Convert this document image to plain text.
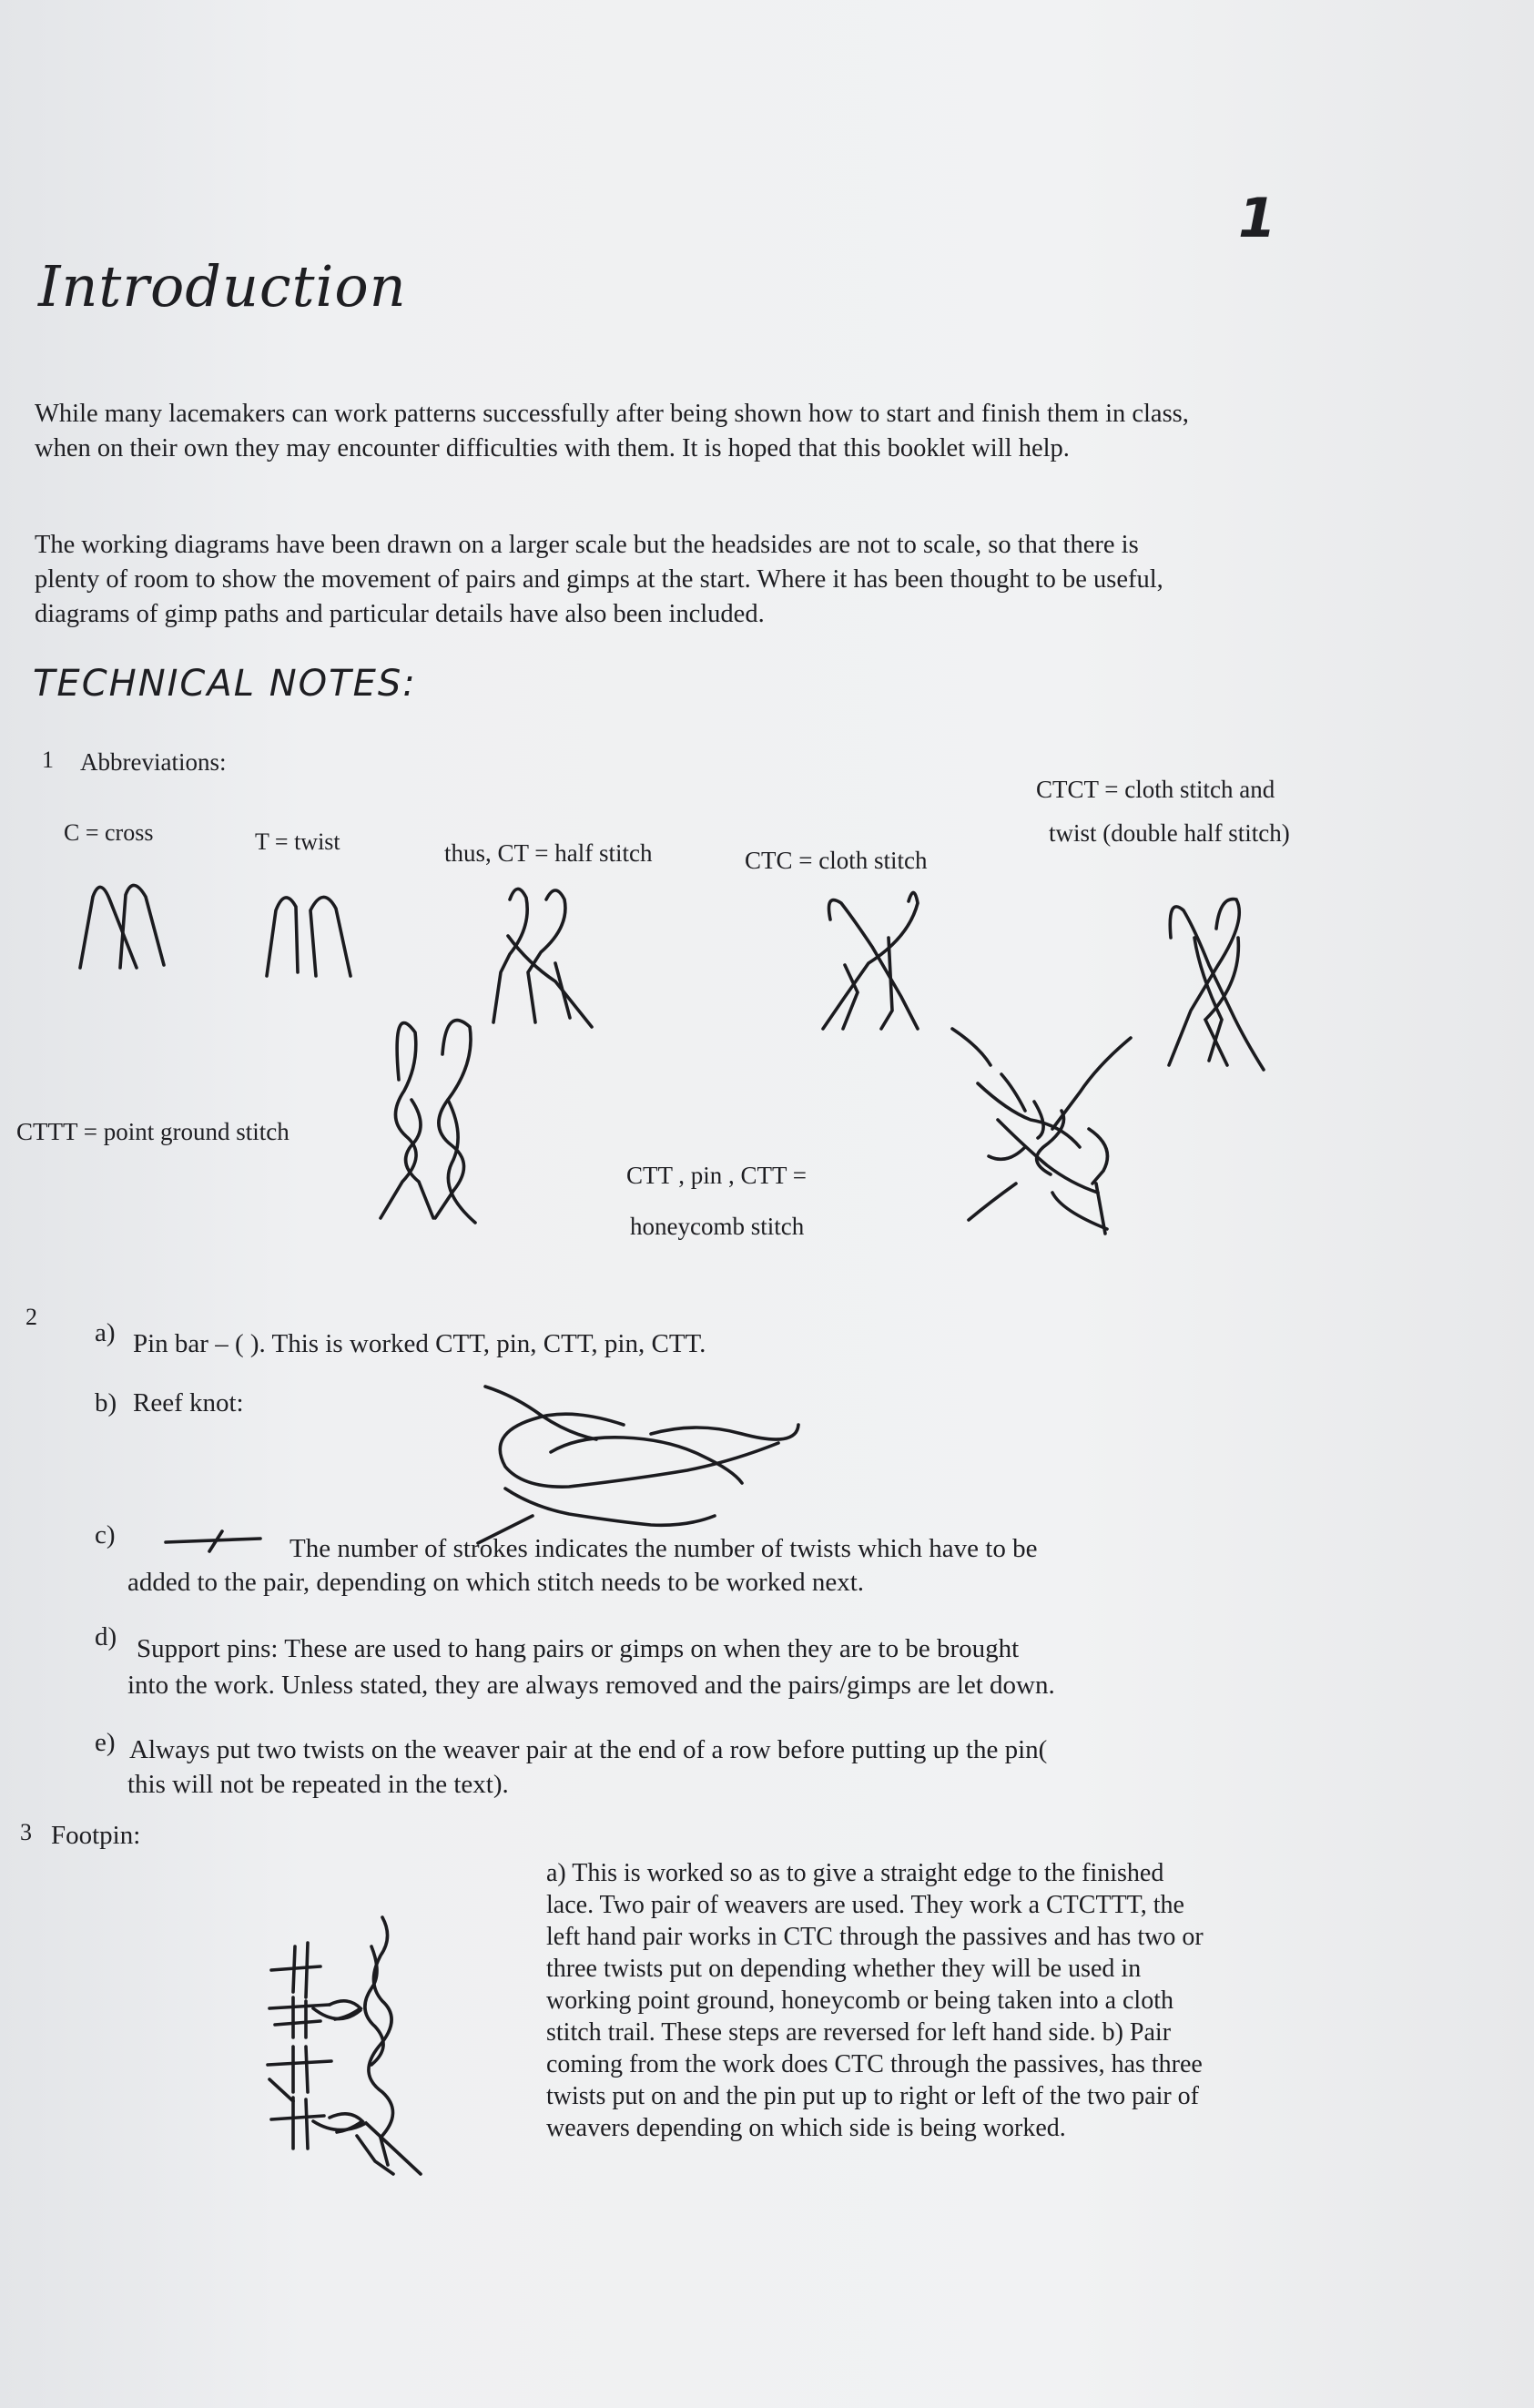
1
Introduction
While many lacemakers can work patterns successfully after being shown how to start and finish them in class, when on their own they may encounter difficulties with them. It is hoped that this booklet will help.
The working diagrams have been drawn on a larger scale but the headsides are not to scale, so that there is plenty of room to show the movement of pairs and gimps at the start. Where it has been thought to be useful, diagrams of gimp paths and particular details have also been included.
TECHNICAL NOTES:
1 Abbreviations:
C = cross	T = twist	thus, CT = half stitch	CTC = cloth stitch
CTCT = cloth stitch and
twist (double half stitch)
CTTT = point ground stitch
CTT , pin , CTT =
honeycomb stitch
2
a) Pin bar – ( ). This is worked CTT, pin, CTT, pin, CTT.
b) Reef knot:
c)	The number of strokes indicates the number of twists which have to be
added to the pair, depending on which stitch needs to be worked next.
d) Support pins: These are used to hang pairs or gimps on when they are to be brought
into the work. Unless stated, they are always removed and the pairs/gimps are let down.
e) Always put two twists on the weaver pair at the end of a row before putting up the pin(
this will not be repeated in the text).
3 Footpin:
a) This is worked so as to give a straight edge to the finished lace. Two pair of weavers are used. They work a CTCTTT, the left hand pair works in CTC through the passives and has two or three twists put on depending whether they will be used in working point ground, honeycomb or being taken into a cloth stitch trail. These steps are reversed for left hand side. b) Pair coming from the work does CTC through the passives, has three twists put on and the pin put up to right or left of the two pair of weavers depending on which side is being worked.
